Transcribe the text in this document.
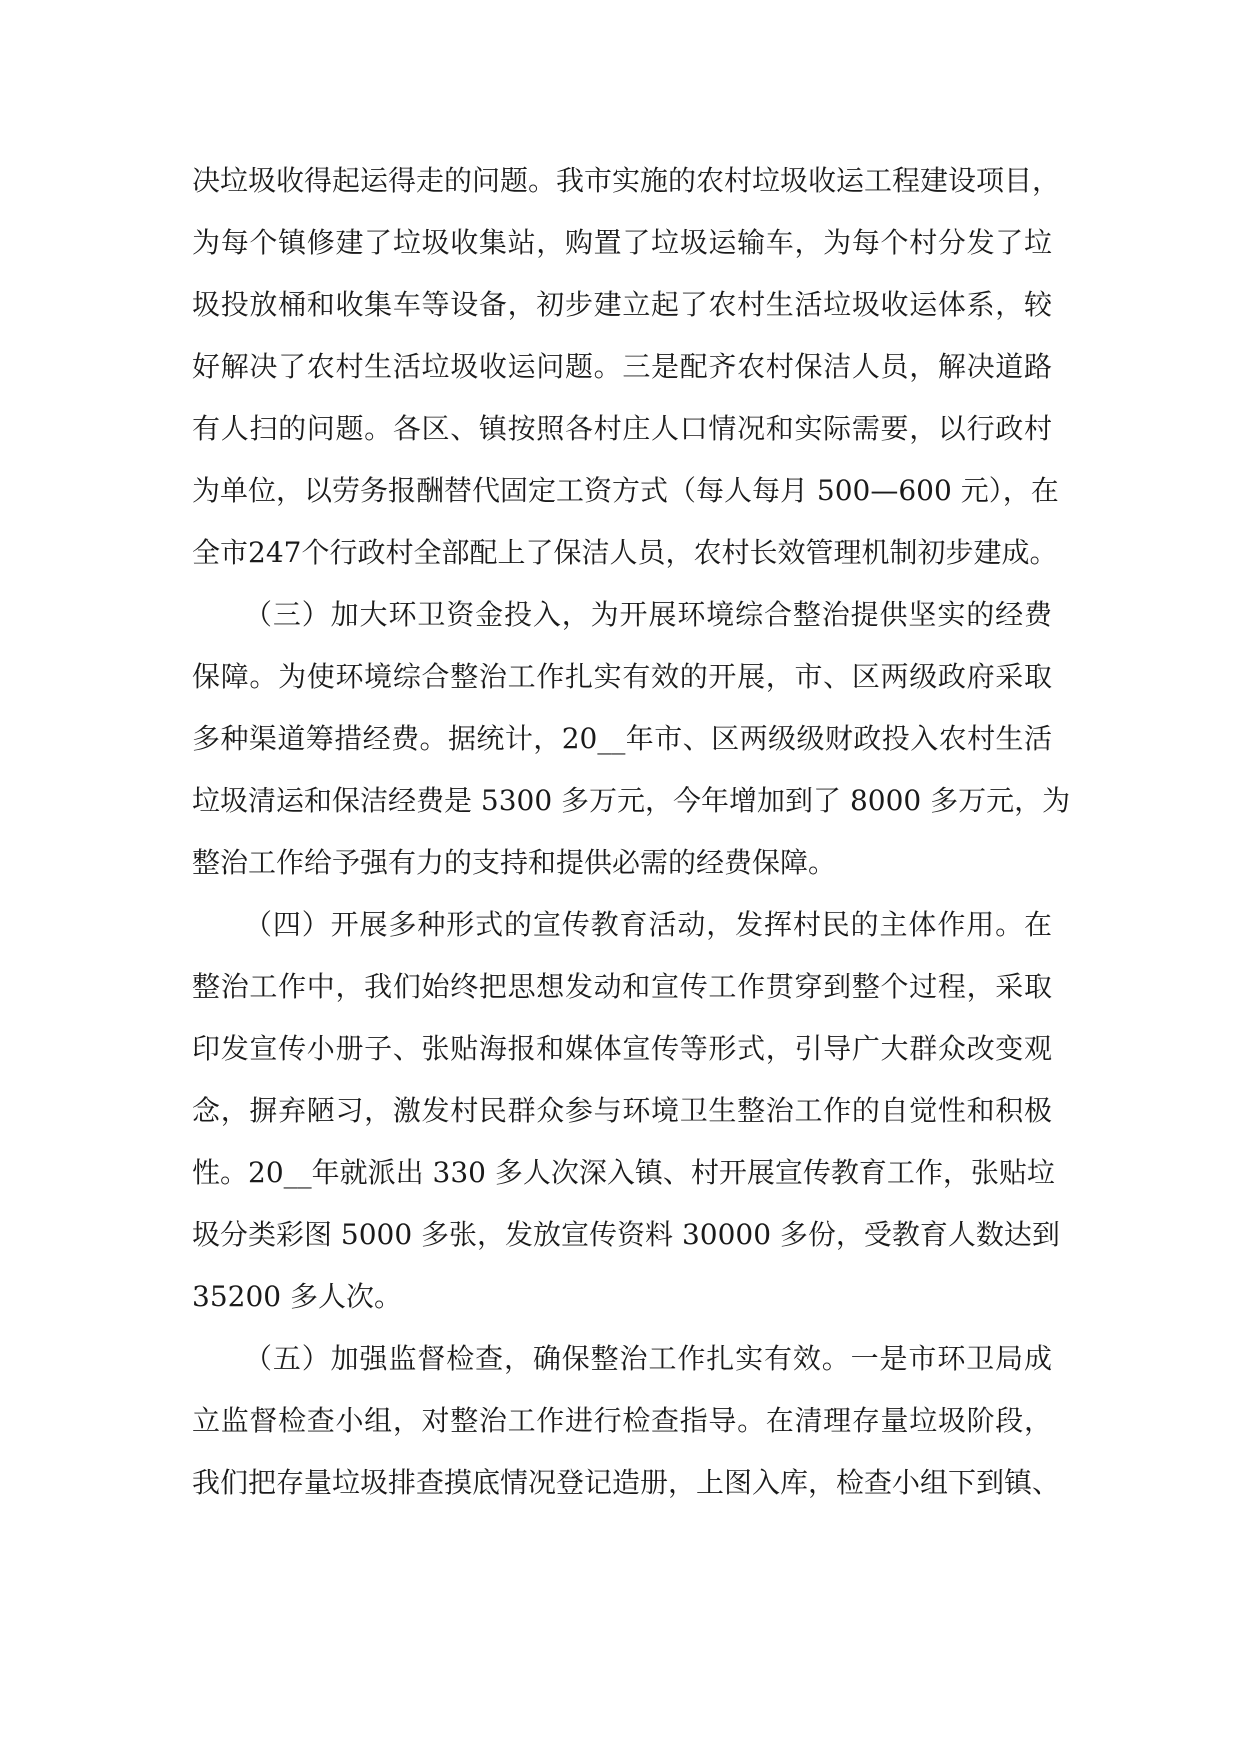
决垃圾收得起运得走的问题。我市实施的农村垃圾收运工程建设项目，
为每个镇修建了垃圾收集站，购置了垃圾运输车，为每个村分发了垃
圾投放桶和收集车等设备，初步建立起了农村生活垃圾收运体系，较
好解决了农村生活垃圾收运问题。三是配齐农村保洁人员，解决道路
有人扫的问题。各区、镇按照各村庄人口情况和实际需要，以行政村
为单位，以劳务报酬替代固定工资方式（每人每月 500—600 元），在
全市247个行政村全部配上了保洁人员，农村长效管理机制初步建成。
（三）加大环卫资金投入，为开展环境综合整治提供坚实的经费
保障。为使环境综合整治工作扎实有效的开展，市、区两级政府采取
多种渠道筹措经费。据统计，20__年市、区两级级财政投入农村生活
垃圾清运和保洁经费是 5300 多万元，今年增加到了 8000 多万元，为
整治工作给予强有力的支持和提供必需的经费保障。
（四）开展多种形式的宣传教育活动，发挥村民的主体作用。在
整治工作中，我们始终把思想发动和宣传工作贯穿到整个过程，采取
印发宣传小册子、张贴海报和媒体宣传等形式，引导广大群众改变观
念，摒弃陋习，激发村民群众参与环境卫生整治工作的自觉性和积极
性。20__年就派出 330 多人次深入镇、村开展宣传教育工作，张贴垃
圾分类彩图 5000 多张，发放宣传资料 30000 多份，受教育人数达到
35200 多人次。
（五）加强监督检查，确保整治工作扎实有效。一是市环卫局成
立监督检查小组，对整治工作进行检查指导。在清理存量垃圾阶段，
我们把存量垃圾排查摸底情况登记造册，上图入库，检查小组下到镇、
